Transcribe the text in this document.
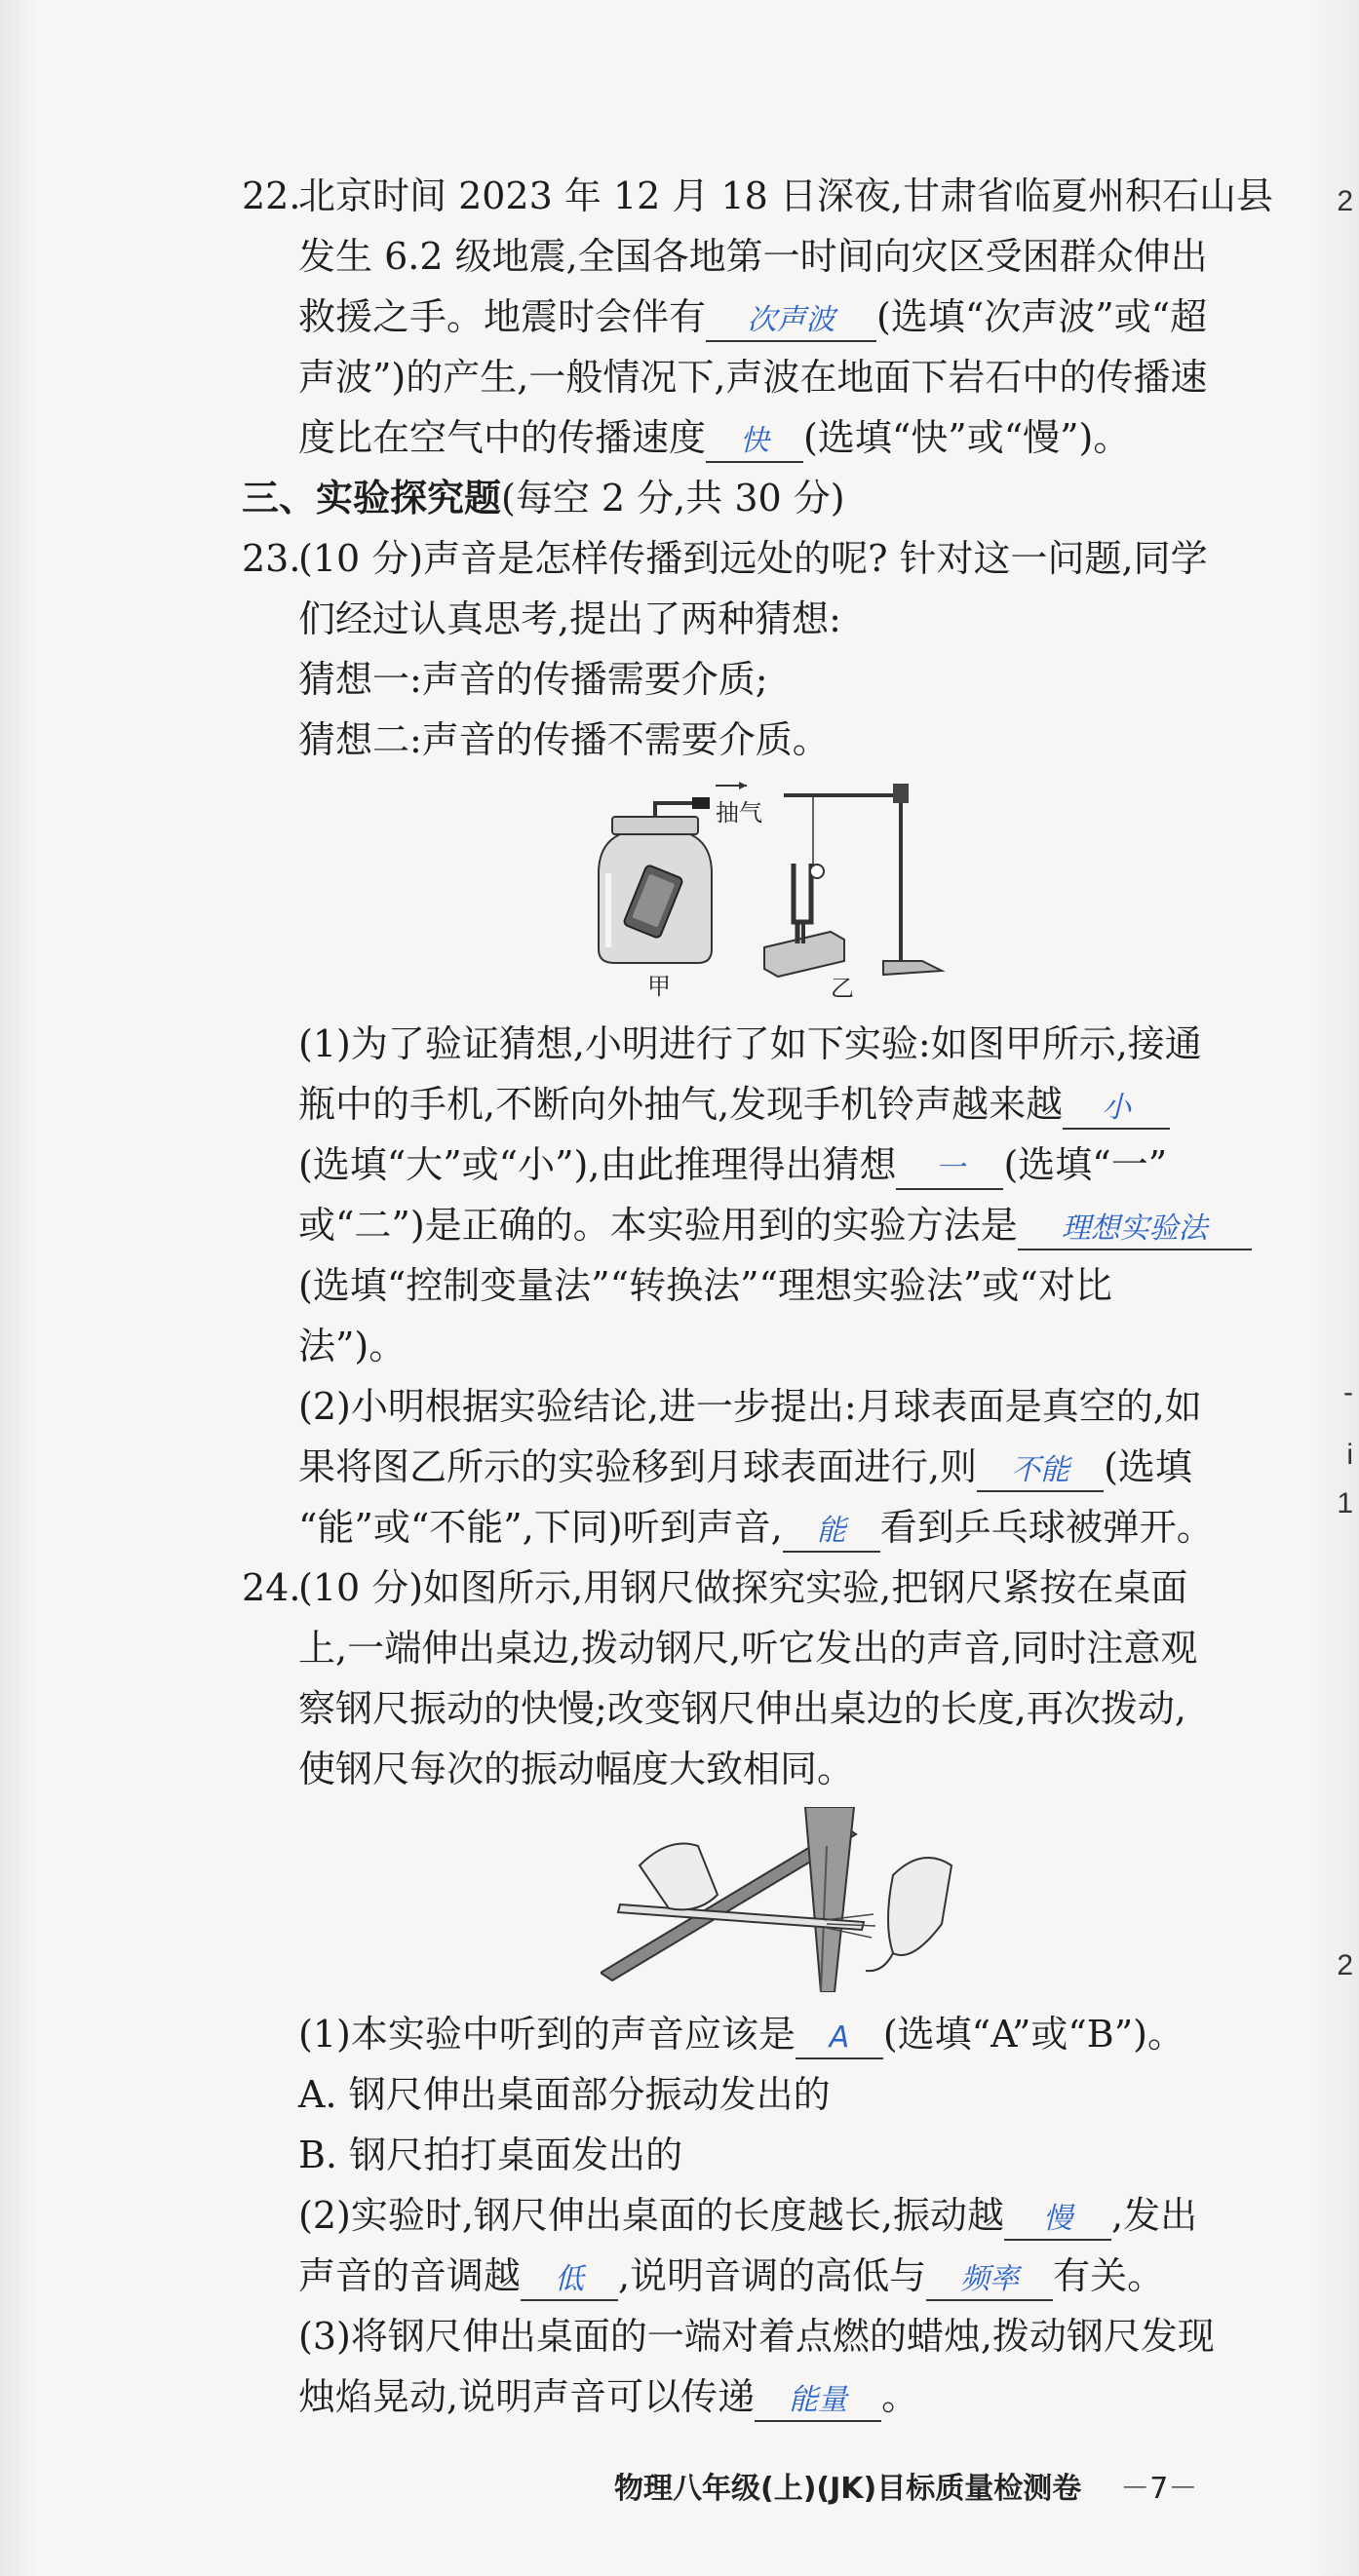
22.北京时间 2023 年 12 月 18 日深夜,甘肃省临夏州积石山县

发生 6.2 级地震,全国各地第一时间向灾区受困群众伸出

救援之手。地震时会伴有 次声波 (选填“次声波”或“超

声波”)的产生,一般情况下,声波在地面下岩石中的传播速

度比在空气中的传播速度 快 (选填“快”或“慢”)。

三、实验探究题(每空 2 分,共 30 分)

23.(10 分)声音是怎样传播到远处的呢? 针对这一问题,同学

们经过认真思考,提出了两种猜想:

猜想一:声音的传播需要介质;

猜想二:声音的传播不需要介质。

抽气
甲	乙

(1)为了验证猜想,小明进行了如下实验:如图甲所示,接通

瓶中的手机,不断向外抽气,发现手机铃声越来越 小

(选填“大”或“小”),由此推理得出猜想 一 (选填“一”

或“二”)是正确的。本实验用到的实验方法是 理想实验法

(选填“控制变量法”“转换法”“理想实验法”或“对比

法”)。

(2)小明根据实验结论,进一步提出:月球表面是真空的,如

果将图乙所示的实验移到月球表面进行,则 不能 (选填

“能”或“不能”,下同)听到声音, 能 看到乒乓球被弹开。

24.(10 分)如图所示,用钢尺做探究实验,把钢尺紧按在桌面

上,一端伸出桌边,拨动钢尺,听它发出的声音,同时注意观

察钢尺振动的快慢;改变钢尺伸出桌边的长度,再次拨动,

使钢尺每次的振动幅度大致相同。

(1)本实验中听到的声音应该是 A (选填“A”或“B”)。

A. 钢尺伸出桌面部分振动发出的

B. 钢尺拍打桌面发出的

(2)实验时,钢尺伸出桌面的长度越长,振动越 慢 ,发出

声音的音调越 低 ,说明音调的高低与 频率 有关。

(3)将钢尺伸出桌面的一端对着点燃的蜡烛,拨动钢尺发现

烛焰晃动,说明声音可以传递 能量 。

物理八年级(上)(JK)目标质量检测卷 －7－
2
-
i
1
2
